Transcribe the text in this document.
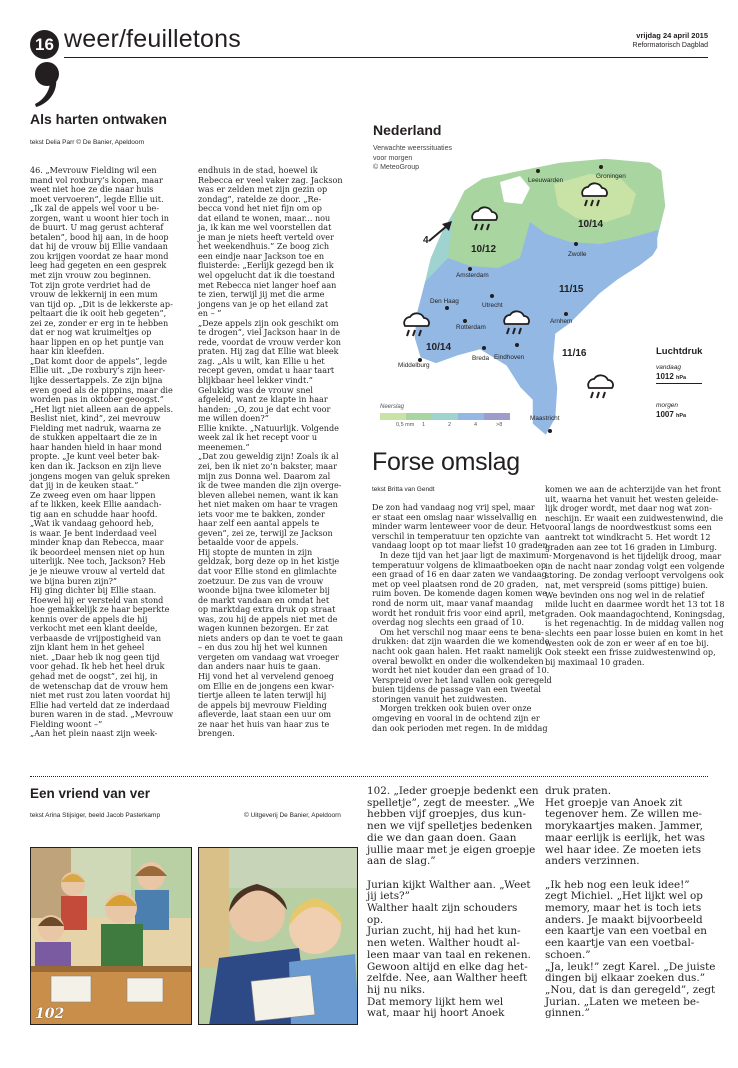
16 weer/feuilletons	vrijdag 24 april 2015
Reformatorisch Dagblad
Als harten ontwaken
tekst Delia Parr © De Banier, Apeldoorn
46. „Mevrouw Fielding wil een
mand vol roxbury’s kopen, maar
weet niet hoe ze die naar huis
moet vervoeren”, legde Ellie uit.
„Ik zal de appels wel voor u be-
zorgen, want u woont hier toch in
de buurt. U mag gerust achteraf
betalen”, bood hij aan, in de hoop
dat hij de vrouw bij Ellie vandaan
zou krijgen voordat ze haar mond
leeg had gegeten en een gesprek
met zijn vrouw zou beginnen.
Tot zijn grote verdriet had de
vrouw de lekkernij in een mum
van tijd op. „Dit is de lekkerste ap-
peltaart die ik ooit heb gegeten”,
zei ze, zonder er erg in te hebben
dat er nog wat kruimeltjes op
haar lippen en op het puntje van
haar kin kleefden.
„Dat komt door de appels”, legde
Ellie uit. „De roxbury’s zijn heer-
lijke dessertappels. Ze zijn bijna
even goed als de pippins, maar die
worden pas in oktober geoogst.”
„Het ligt niet alleen aan de appels.
Beslist niet, kind”, zei mevrouw
Fielding met nadruk, waarna ze
de stukken appeltaart die ze in
haar handen hield in haar mond
propte. „Je kunt veel beter bak-
ken dan ik. Jackson en zijn lieve
jongens mogen van geluk spreken
dat jij in de keuken staat.”
Ze zweeg even om haar lippen
af te likken, keek Ellie aandach-
tig aan en schudde haar hoofd.
„Wat ik vandaag gehoord heb,
is waar. Je bent inderdaad veel
minder knap dan Rebecca, maar
ik beoordeel mensen niet op hun
uiterlijk. Nee toch, Jackson? Heb
je je nieuwe vrouw al verteld dat
we bijna buren zijn?”
Hij ging dichter bij Ellie staan.
Hoewel hij er versteld van stond
hoe gemakkelijk ze haar beperkte
kennis over de appels die hij
verkocht met een klant deelde,
verbaasde de vrijpostigheid van
zijn klant hem in het geheel
niet. „Daar heb ik nog geen tijd
voor gehad. Ik heb het heel druk
gehad met de oogst”, zei hij, in
de wetenschap dat de vrouw hem
niet met rust zou laten voordat hij
Ellie had verteld dat ze inderdaad
buren waren in de stad. „Mevrouw
Fielding woont –”
„Aan het plein naast zijn week-
endhuis in de stad, hoewel ik
Rebecca er veel vaker zag. Jackson
was er zelden met zijn gezin op
zondag”, ratelde ze door. „Re-
becca vond het niet fijn om op
dat eiland te wonen, maar... nou
ja, ik kan me wel voorstellen dat
je man je niets heeft verteld over
het weekendhuis.” Ze boog zich
een eindje naar Jackson toe en
fluisterde: „Eerlijk gezegd ben ik
wel opgelucht dat ik die toestand
met Rebecca niet langer hoef aan
te zien, terwijl jij met die arme
jongens van je op het eiland zat
en – ”
„Deze appels zijn ook geschikt om
te drogen”, viel Jackson haar in de
rede, voordat de vrouw verder kon
praten. Hij zag dat Ellie wat bleek
zag. „Als u wilt, kan Ellie u het
recept geven, omdat u haar taart
blijkbaar heel lekker vindt.”
Gelukkig was de vrouw snel
afgeleid, want ze klapte in haar
handen: „O, zou je dat echt voor
me willen doen?”
Ellie knikte. „Natuurlijk. Volgende
week zal ik het recept voor u
meenemen.”
„Dat zou geweldig zijn! Zoals ik al
zei, ben ik niet zo’n bakster, maar
mijn zus Donna wel. Daarom zal
ik de twee manden die zijn overge-
bleven allebei nemen, want ik kan
het niet maken om haar te vragen
iets voor me te bakken, zonder
haar zelf een aantal appels te
geven”, zei ze, terwijl ze Jackson
betaalde voor de appels.
Hij stopte de munten in zijn
geldzak, borg deze op in het kistje
dat voor Ellie stond en glimlachte
zoetzuur. De zus van de vrouw
woonde bijna twee kilometer bij
de markt vandaan en omdat het
op marktdag extra druk op straat
was, zou hij de appels niet met de
wagen kunnen bezorgen. Er zat
niets anders op dan te voet te gaan
– en dus zou hij het wel kunnen
vergeten om vandaag wat vroeger
dan anders naar huis te gaan.
Hij vond het al vervelend genoeg
om Ellie en de jongens een kwar-
tiertje alleen te laten terwijl hij
de appels bij mevrouw Fielding
afleverde, laat staan een uur om
ze naar het huis van haar zus te
brengen.
Nederland
Verwachte weerssituaties
voor morgen
© MeteoGroup
4
Leeuwarden
Groningen
Zwolle
Amsterdam
Den Haag
Utrecht
Rotterdam
Arnhem
Breda Eindhoven
Middelburg
Maastricht
10/14
10/12
11/15
10/14
11/16
Neerslag
0,5 mm 1	2	4	>8
Luchtdruk
vandaag
1012 hPa
morgen
1007 hPa
Forse omslag
tekst Britta van Gendt
De zon had vandaag nog vrij spel, maar
er staat een omslag naar wisselvallig en
minder warm lenteweer voor de deur. Het
verschil in temperatuur ten opzichte van
vandaag loopt op tot maar liefst 10 graden.
In deze tijd van het jaar ligt de maximum-
temperatuur volgens de klimaatboeken op
een graad of 16 en daar zaten we vandaag,
met op veel plaatsen rond de 20 graden,
ruim boven. De komende dagen komen we
rond de norm uit, maar vanaf maandag
wordt het ronduit fris voor eind april, met
overdag nog slechts een graad of 10.
Om het verschil nog maar eens te bena-
drukken: dat zijn waarden die we komende
nacht ook gaan halen. Het raakt namelijk
overal bewolkt en onder die wolkendeken
wordt het niet kouder dan een graad of 10.
Verspreid over het land vallen ook geregeld
buien tijdens de passage van een tweetal
storingen vanuit het zuidwesten.
Morgen trekken ook buien over onze
omgeving en vooral in de ochtend zijn er
dan ook perioden met regen. In de middag
komen we aan de achterzijde van het front
uit, waarna het vanuit het westen geleide-
lijk droger wordt, met daar nog wat zon-
neschijn. Er waait een zuidwestenwind, die
vooral langs de noordwestkust soms een
aantrekt tot windkracht 5. Het wordt 12
graden aan zee tot 16 graden in Limburg.
Morgenavond is het tijdelijk droog, maar
in de nacht naar zondag volgt een volgende
storing. De zondag verloopt vervolgens ook
nat, met verspreid (soms pittige) buien.
We bevinden ons nog wel in de relatief
milde lucht en daarmee wordt het 13 tot 18
graden. Ook maandagochtend, Koningsdag,
is het regenachtig. In de middag vallen nog
slechts een paar losse buien en komt in het
westen ook de zon er weer af en toe bij.
Ook steekt een frisse zuidwestenwind op,
bij maximaal 10 graden.
Een vriend van ver
tekst Arina Stijsiger, beeld Jacob Pasterkamp	© Uitgeverij De Banier, Apeldoorn
102
102. „Ieder groepje bedenkt een
spelletje”, zegt de meester. „We
hebben vijf groepjes, dus kun-
nen we vijf spelletjes bedenken
die we dan gaan doen. Gaan
jullie maar met je eigen groepje
aan de slag.”

Jurian kijkt Walther aan. „Weet
jij iets?”
Walther haalt zijn schouders
op.
Jurian zucht, hij had het kun-
nen weten. Walther houdt al-
leen maar van taal en rekenen.
Gewoon altijd en elke dag het-
zelfde. Nee, aan Walther heeft
hij nu niks.
Dat memory lijkt hem wel
wat, maar hij hoort Anoek
druk praten.
Het groepje van Anoek zit
tegenover hem. Ze willen me-
morykaartjes maken. Jammer,
maar eerlijk is eerlijk, het was
wel haar idee. Ze moeten iets
anders verzinnen.

„Ik heb nog een leuk idee!”
zegt Michiel. „Het lijkt wel op
memory, maar het is toch iets
anders. Je maakt bijvoorbeeld
een kaartje van een voetbal en
een kaartje van een voetbal-
schoen.”
„Ja, leuk!” zegt Karel. „De juiste
dingen bij elkaar zoeken dus.”
„Nou, dat is dan geregeld”, zegt
Jurian. „Laten we meteen be-
ginnen.”
